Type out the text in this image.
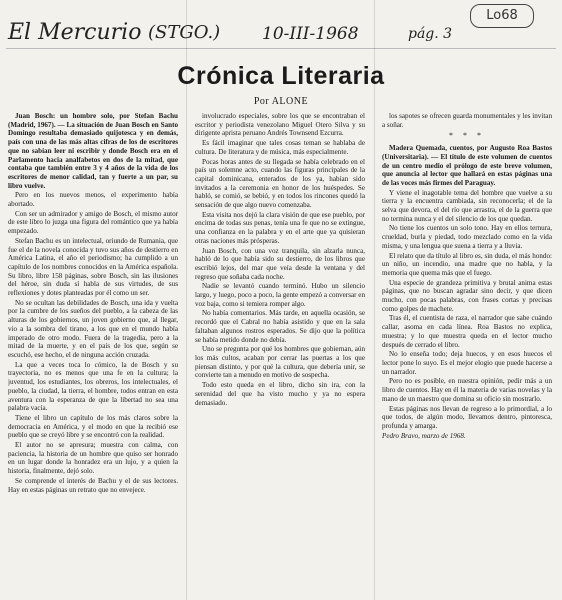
El Mercurio (STGO.) 10-III-1968	pág. 3
Lo68
Crónica Literaria
Por ALONE

Juan Bosch: un hombre solo, por Stefan Bachu (Madrid, 1967). — La situación de Juan Bosch en Santo Domingo resultaba demasiado quijotesca y en demás, país con una de las más altas cifras de los de escritores que no sabían leer ni escribir y donde Bosch era en el Parlamento hacia analfabetos en dos de la mitad, que contaba que también entre 3 y 4 años de la vida de los escritores de menor calidad, tan y fuerte a un par, su libro vuelve.

Pero en los nuevos menos, el experimento había abortado.

Con ser un admirador y amigo de Bosch, el mismo autor de este libro lo juzga una figura del romántico que ya había empezado.

Stefan Bachu es un intelectual, oriundo de Rumania, que fue el de la novela conocida y tuvo sus años de destierro en América Latina, el año el periodismo; ha cumplido a un capítulo de los nombres conocidos en la América española. Su libro, libre 158 páginas, sobre Bosch, sin las ilusiones del héroe, sin duda sí habla de sus virtudes, de sus reflexiones y dotes planteadas por él como un ser.

No se ocultan las debilidades de Bosch, una ida y vuelta por la cumbre de los sueños del pueblo, a la cabeza de las alturas de los gobiernos, un joven gobierno que, al llegar, vio a la sombra del tirano, a los que en el mundo había imperado de otro modo. Fuera de la tragedia, pero a la mitad de la muerte, y en el país de los que, según se escuchó, ese hecho, el de ninguna acción cruzada.

La que a veces toca lo cómico, la de Bosch y su trayectoria, no es menos que una fe en la cultura; la juventud, los estudiantes, los obreros, los intelectuales, el pueblo, la ciudad, la tierra, el hombre, todos entran en esta aventura con la esperanza de que la libertad no sea una palabra vacía.

Tiene el libro un capítulo de los más claros sobre la democracia en América, y el modo en que la recibió ese pueblo que se creyó libre y se encontró con la realidad.

El autor no se apresura; muestra con calma, con paciencia, la historia de un hombre que quiso ser honrado en un lugar donde la honradez era un lujo, y a quien la historia, finalmente, dejó solo.

Se comprende el interés de Bachu y el de sus lectores. Hay en estas páginas un retrato que no envejece.

involucrado especiales, sobre los que se encontraban el escritor y periodista venezolano Miguel Otero Silva y su dirigente aprista peruano Andrés Townsend Ezcurra.

Es fácil imaginar que tales cosas teman se hablaba de cultura. De literatura y de música, más especialmente.

Pocas horas antes de su llegada se había celebrado en el país un solemne acto, cuando las figuras principales de la capital dominicana, enterados de los ya, habían sido invitados a la ceremonia en honor de los huéspedes. Se habló, se comió, se bebió, y en todos los rincones quedó la sensación de que algo nuevo comenzaba.

Esta visita nos dejó la clara visión de que ese pueblo, por encima de todas sus penas, tenía una fe que no se extingue, una confianza en la palabra y en el arte que ya quisieran otras naciones más prósperas.

Juan Bosch, con una voz tranquila, sin alzarla nunca, habló de lo que había sido su destierro, de los libros que escribió lejos, del mar que veía desde la ventana y del regreso que soñaba cada noche.

Nadie se levantó cuando terminó. Hubo un silencio largo, y luego, poco a poco, la gente empezó a conversar en voz baja, como si temiera romper algo.

No había comentarios. Más tarde, en aquella ocasión, se recordó que el Cabral no había asistido y que en la sala faltaban algunos rostros esperados. Se dijo que la política se había metido donde no debía.

Uno se pregunta por qué los hombres que gobiernan, aún los más cultos, acaban por cerrar las puertas a los que piensan distinto, y por qué la cultura, que debería unir, se convierte tan a menudo en motivo de sospecha.

Todo esto queda en el libro, dicho sin ira, con la serenidad del que ha visto mucho y ya no espera demasiado.

los sapotes se ofrecen guarda monumentales y les invitan a soñar.

* * *

Madera Quemada, cuentos, por Augusto Roa Bastos (Universitaria). — El título de este volumen de cuentos de un centro medio el prólogo de este breve volumen, que anuncia al lector que hallará en estas páginas una de las voces más firmes del Paraguay.

Y viene el inagotable tema del hombre que vuelve a su tierra y la encuentra cambiada, sin reconocerla; el de la selva que devora, el del río que arrastra, el de la guerra que no termina nunca y el del silencio de los que quedan.

No tiene los cuentos un solo tono. Hay en ellos ternura, crueldad, burla y piedad, todo mezclado como en la vida misma, y una lengua que suena a tierra y a lluvia.

El relato que da título al libro es, sin duda, el más hondo: un niño, un incendio, una madre que no habla, y la memoria que quema más que el fuego.

Una especie de grandeza primitiva y brutal anima estas páginas, que no buscan agradar sino decir, y que dicen mucho, con pocas palabras, con frases cortas y precisas como golpes de machete.

Tras él, el cuentista de raza, el narrador que sabe cuándo callar, asoma en cada línea. Roa Bastos no explica, muestra; y lo que muestra queda en el lector mucho después de cerrado el libro.

No lo enseña todo; deja huecos, y en esos huecos el lector pone lo suyo. Es el mejor elogio que puede hacerse a un narrador.

Pero no es posible, en nuestra opinión, pedir más a un libro de cuentos. Hay en él la materia de varias novelas y la mano de un maestro que domina su oficio sin mostrarlo.

Estas páginas nos llevan de regreso a lo primordial, a lo que todos, de algún modo, llevamos dentro, pintoresca, profunda y amarga.

Pedro Bravo, marzo de 1968.
